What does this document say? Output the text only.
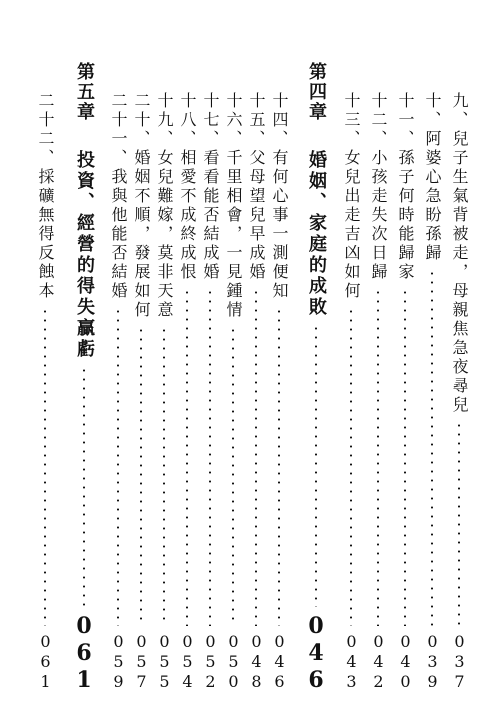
九、兒子生氣背被走，母親焦急夜尋兒
037
十、阿婆心急盼孫歸
039
十一、孫子何時能歸家
040
十二、小孩走失次日歸
042
十三、女兒出走吉凶如何
043
第四章
婚姻、家庭的成敗
046
十四、有何心事一測便知
046
十五、父母望兒早成婚
048
十六、千里相會，一見鍾情
050
十七、看看能否結成婚
052
十八、相愛不成終成恨
054
十九、女兒難嫁，莫非天意
055
二十、婚姻不順，發展如何
057
二十一、我與他能否結婚
059
第五章
投資、經營的得失贏虧
061
二十二、採礦無得反蝕本
061
